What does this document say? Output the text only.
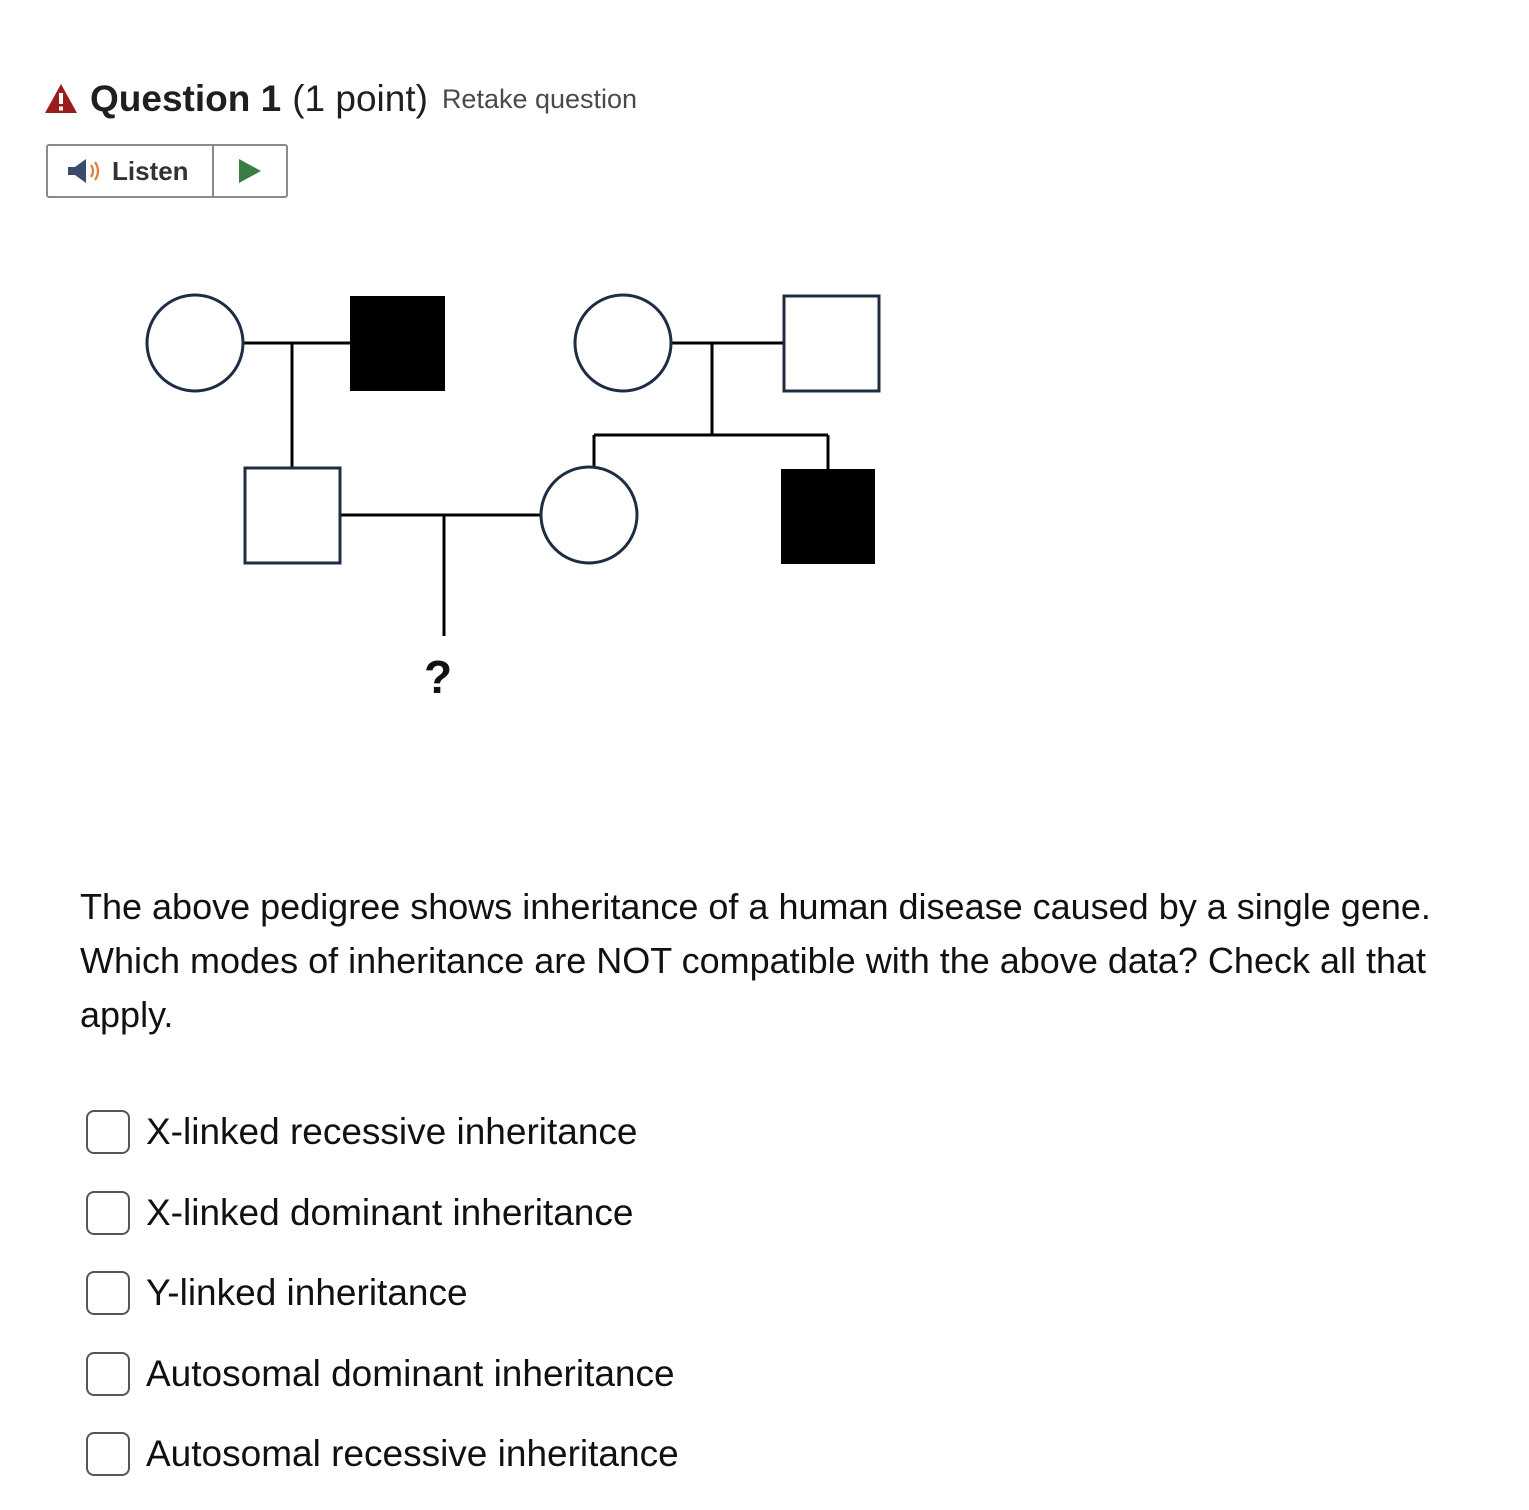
Question 1 (1 point) Retake question
Listen
?

The above pedigree shows inheritance of a human disease caused by a single gene. Which modes of inheritance are NOT compatible with the above data? Check all that apply.

X-linked recessive inheritance
X-linked dominant inheritance
Y-linked inheritance
Autosomal dominant inheritance
Autosomal recessive inheritance
